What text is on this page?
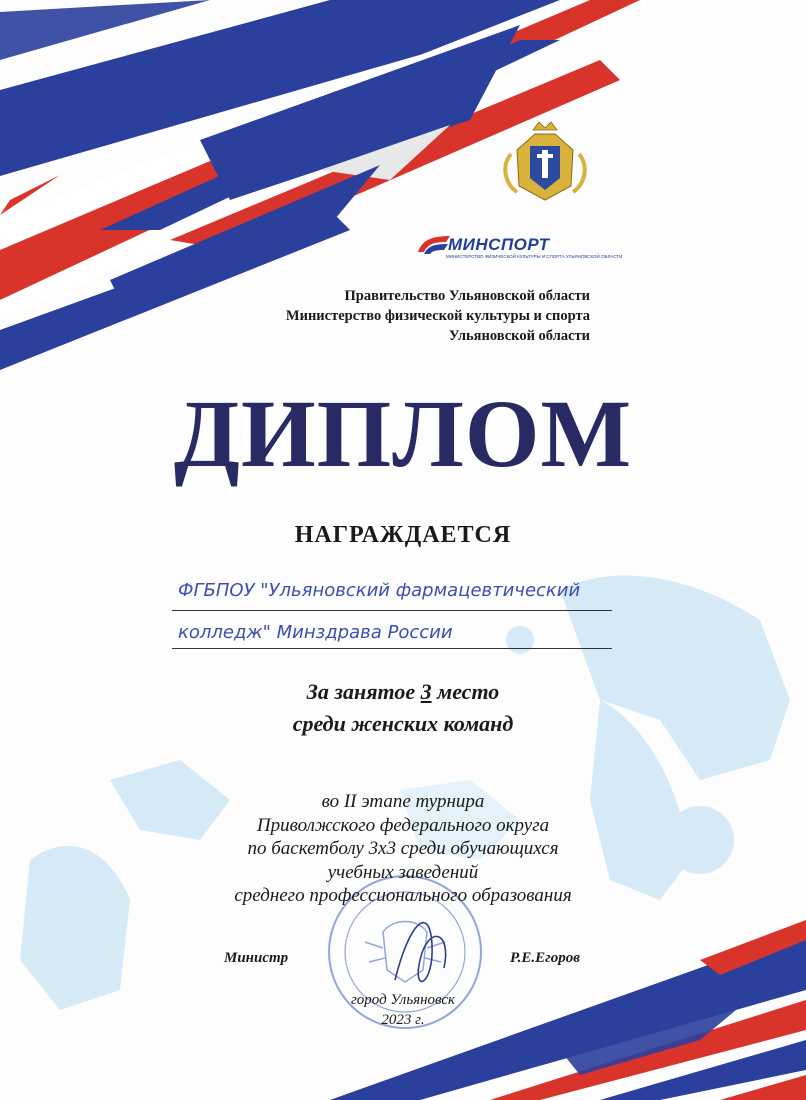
МИНСПОРТ
МИНИСТЕРСТВО ФИЗИЧЕСКОЙ КУЛЬТУРЫ И СПОРТА УЛЬЯНОВСКОЙ ОБЛАСТИ
Правительство Ульяновской области
Министерство физической культуры и спорта
Ульяновской области
ДИПЛОМ
НАГРАЖДАЕТСЯ
ФГБПОУ "Ульяновский фармацевтический
колледж" Минздрава России
За занятое 3 место
среди женских команд
во II этапе турнира
Приволжского федерального округа
по баскетболу 3x3 среди обучающихся
учебных заведений
среднего профессионального образования
Министр	Р.Е.Егоров
город Ульяновск
2023 г.
